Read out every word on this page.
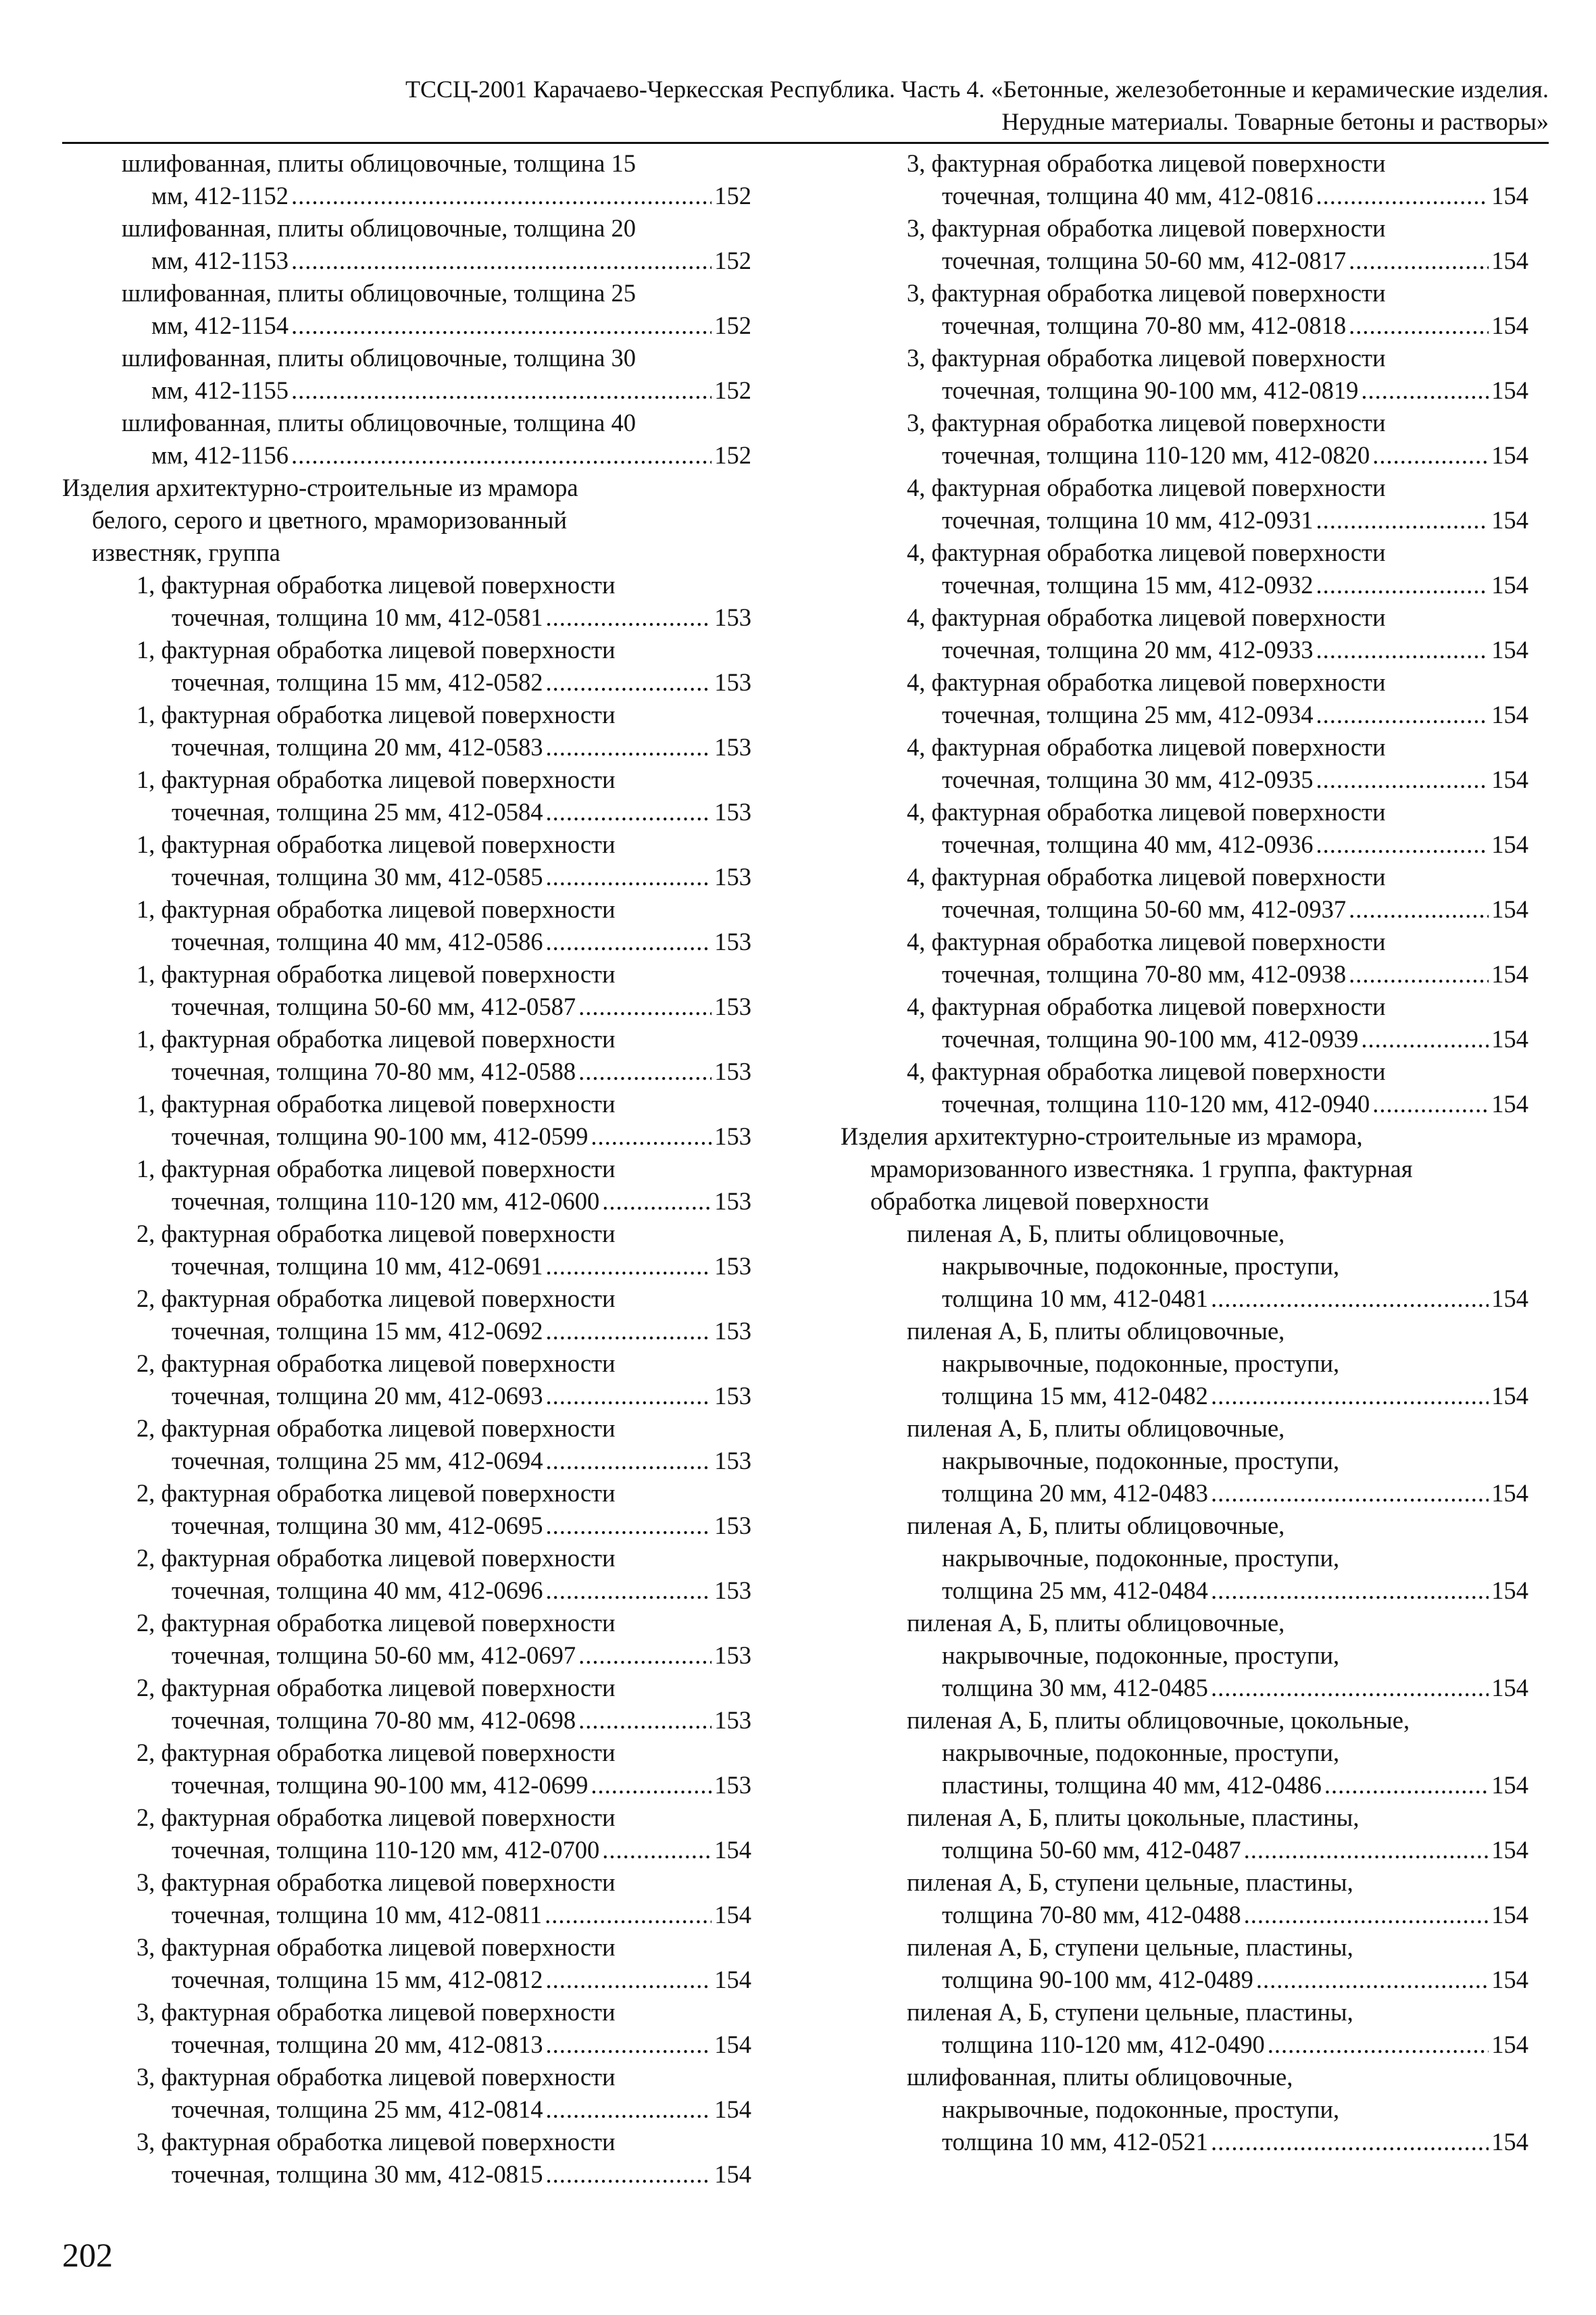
ТССЦ-2001 Карачаево-Черкесская Республика. Часть 4. «Бетонные, железобетонные и керамические изделия.
Нерудные материалы. Товарные бетоны и растворы»
шлифованная, плиты облицовочные, толщина 15
мм, 412-1152 .....	152
шлифованная, плиты облицовочные, толщина 20
мм, 412-1153 .....	152
шлифованная, плиты облицовочные, толщина 25
мм, 412-1154 .....	152
шлифованная, плиты облицовочные, толщина 30
мм, 412-1155 .....	152
шлифованная, плиты облицовочные, толщина 40
мм, 412-1156 .....	152
Изделия архитектурно-строительные из мрамора
белого, серого и цветного, мраморизованный
известняк, группа
1, фактурная обработка лицевой поверхности
точечная, толщина 10 мм, 412-0581 .....	153
1, фактурная обработка лицевой поверхности
точечная, толщина 15 мм, 412-0582 .....	153
1, фактурная обработка лицевой поверхности
точечная, толщина 20 мм, 412-0583 .....	153
1, фактурная обработка лицевой поверхности
точечная, толщина 25 мм, 412-0584 .....	153
1, фактурная обработка лицевой поверхности
точечная, толщина 30 мм, 412-0585 .....	153
1, фактурная обработка лицевой поверхности
точечная, толщина 40 мм, 412-0586 .....	153
1, фактурная обработка лицевой поверхности
точечная, толщина 50-60 мм, 412-0587 .....	153
1, фактурная обработка лицевой поверхности
точечная, толщина 70-80 мм, 412-0588 .....	153
1, фактурная обработка лицевой поверхности
точечная, толщина 90-100 мм, 412-0599 .....	153
1, фактурная обработка лицевой поверхности
точечная, толщина 110-120 мм, 412-0600 .....	153
2, фактурная обработка лицевой поверхности
точечная, толщина 10 мм, 412-0691 .....	153
2, фактурная обработка лицевой поверхности
точечная, толщина 15 мм, 412-0692 .....	153
2, фактурная обработка лицевой поверхности
точечная, толщина 20 мм, 412-0693 .....	153
2, фактурная обработка лицевой поверхности
точечная, толщина 25 мм, 412-0694 .....	153
2, фактурная обработка лицевой поверхности
точечная, толщина 30 мм, 412-0695 .....	153
2, фактурная обработка лицевой поверхности
точечная, толщина 40 мм, 412-0696 .....	153
2, фактурная обработка лицевой поверхности
точечная, толщина 50-60 мм, 412-0697 .....	153
2, фактурная обработка лицевой поверхности
точечная, толщина 70-80 мм, 412-0698 .....	153
2, фактурная обработка лицевой поверхности
точечная, толщина 90-100 мм, 412-0699 .....	153
2, фактурная обработка лицевой поверхности
точечная, толщина 110-120 мм, 412-0700 .....	154
3, фактурная обработка лицевой поверхности
точечная, толщина 10 мм, 412-0811 .....	154
3, фактурная обработка лицевой поверхности
точечная, толщина 15 мм, 412-0812 .....	154
3, фактурная обработка лицевой поверхности
точечная, толщина 20 мм, 412-0813 .....	154
3, фактурная обработка лицевой поверхности
точечная, толщина 25 мм, 412-0814 .....	154
3, фактурная обработка лицевой поверхности
точечная, толщина 30 мм, 412-0815 .....	154
3, фактурная обработка лицевой поверхности
точечная, толщина 40 мм, 412-0816 .....	154
3, фактурная обработка лицевой поверхности
точечная, толщина 50-60 мм, 412-0817 .....	154
3, фактурная обработка лицевой поверхности
точечная, толщина 70-80 мм, 412-0818 .....	154
3, фактурная обработка лицевой поверхности
точечная, толщина 90-100 мм, 412-0819 .....	154
3, фактурная обработка лицевой поверхности
точечная, толщина 110-120 мм, 412-0820 .....	154
4, фактурная обработка лицевой поверхности
точечная, толщина 10 мм, 412-0931 .....	154
4, фактурная обработка лицевой поверхности
точечная, толщина 15 мм, 412-0932 .....	154
4, фактурная обработка лицевой поверхности
точечная, толщина 20 мм, 412-0933 .....	154
4, фактурная обработка лицевой поверхности
точечная, толщина 25 мм, 412-0934 .....	154
4, фактурная обработка лицевой поверхности
точечная, толщина 30 мм, 412-0935 .....	154
4, фактурная обработка лицевой поверхности
точечная, толщина 40 мм, 412-0936 .....	154
4, фактурная обработка лицевой поверхности
точечная, толщина 50-60 мм, 412-0937 .....	154
4, фактурная обработка лицевой поверхности
точечная, толщина 70-80 мм, 412-0938 .....	154
4, фактурная обработка лицевой поверхности
точечная, толщина 90-100 мм, 412-0939 .....	154
4, фактурная обработка лицевой поверхности
точечная, толщина 110-120 мм, 412-0940 .....	154
Изделия архитектурно-строительные из мрамора,
мраморизованного известняка. 1 группа, фактурная
обработка лицевой поверхности
пиленая А, Б, плиты облицовочные,
накрывочные, подоконные, проступи,
толщина 10 мм, 412-0481 .....	154
пиленая А, Б, плиты облицовочные,
накрывочные, подоконные, проступи,
толщина 15 мм, 412-0482 .....	154
пиленая А, Б, плиты облицовочные,
накрывочные, подоконные, проступи,
толщина 20 мм, 412-0483 .....	154
пиленая А, Б, плиты облицовочные,
накрывочные, подоконные, проступи,
толщина 25 мм, 412-0484 .....	154
пиленая А, Б, плиты облицовочные,
накрывочные, подоконные, проступи,
толщина 30 мм, 412-0485 .....	154
пиленая А, Б, плиты облицовочные, цокольные,
накрывочные, подоконные, проступи,
пластины, толщина 40 мм, 412-0486 .....	154
пиленая А, Б, плиты цокольные, пластины,
толщина 50-60 мм, 412-0487 .....	154
пиленая А, Б, ступени цельные, пластины,
толщина 70-80 мм, 412-0488 .....	154
пиленая А, Б, ступени цельные, пластины,
толщина 90-100 мм, 412-0489 .....	154
пиленая А, Б, ступени цельные, пластины,
толщина 110-120 мм, 412-0490 .....	154
шлифованная, плиты облицовочные,
накрывочные, подоконные, проступи,
толщина 10 мм, 412-0521 .....	154
202
